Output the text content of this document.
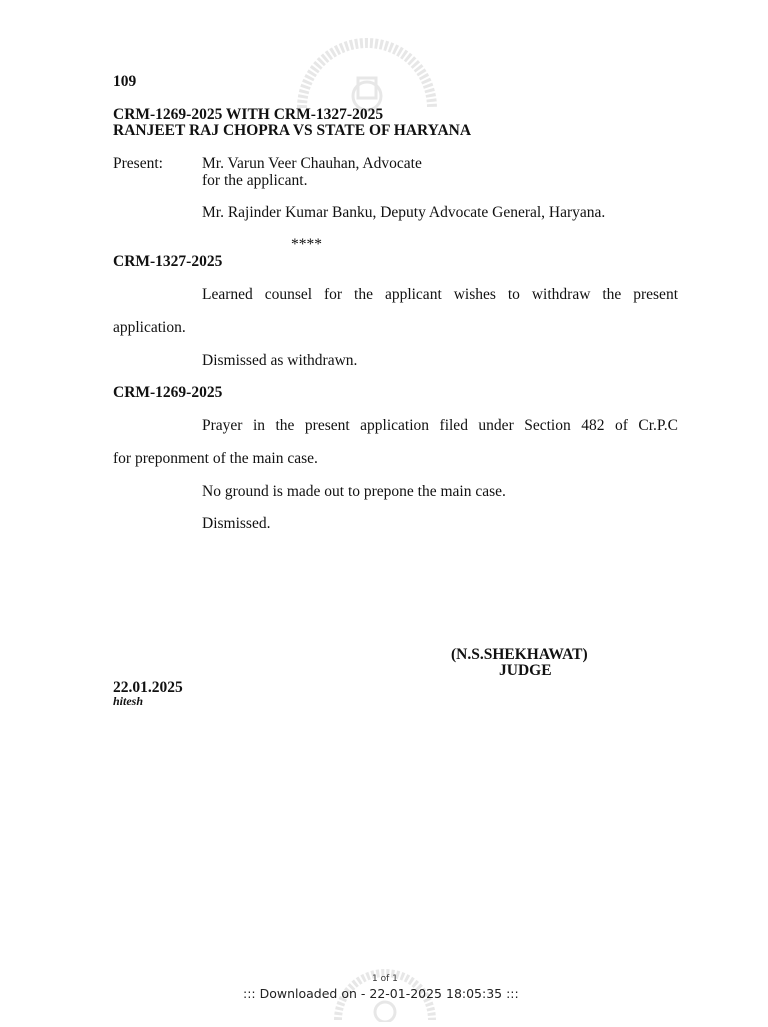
109
CRM-1269-2025 WITH CRM-1327-2025
RANJEET RAJ CHOPRA VS STATE OF HARYANA
Present:	Mr. Varun Veer Chauhan, Advocate
for the applicant.
Mr. Rajinder Kumar Banku, Deputy Advocate General, Haryana.
****
CRM-1327-2025
Learned counsel for the applicant wishes to withdraw the present
application.
Dismissed as withdrawn.
CRM-1269-2025
Prayer in the present application filed under Section 482 of Cr.P.C
for preponment of the main case.
No ground is made out to prepone the main case.
Dismissed.
(N.S.SHEKHAWAT)
JUDGE
22.01.2025
hitesh
1 of 1
::: Downloaded on - 22-01-2025 18:05:35 :::
